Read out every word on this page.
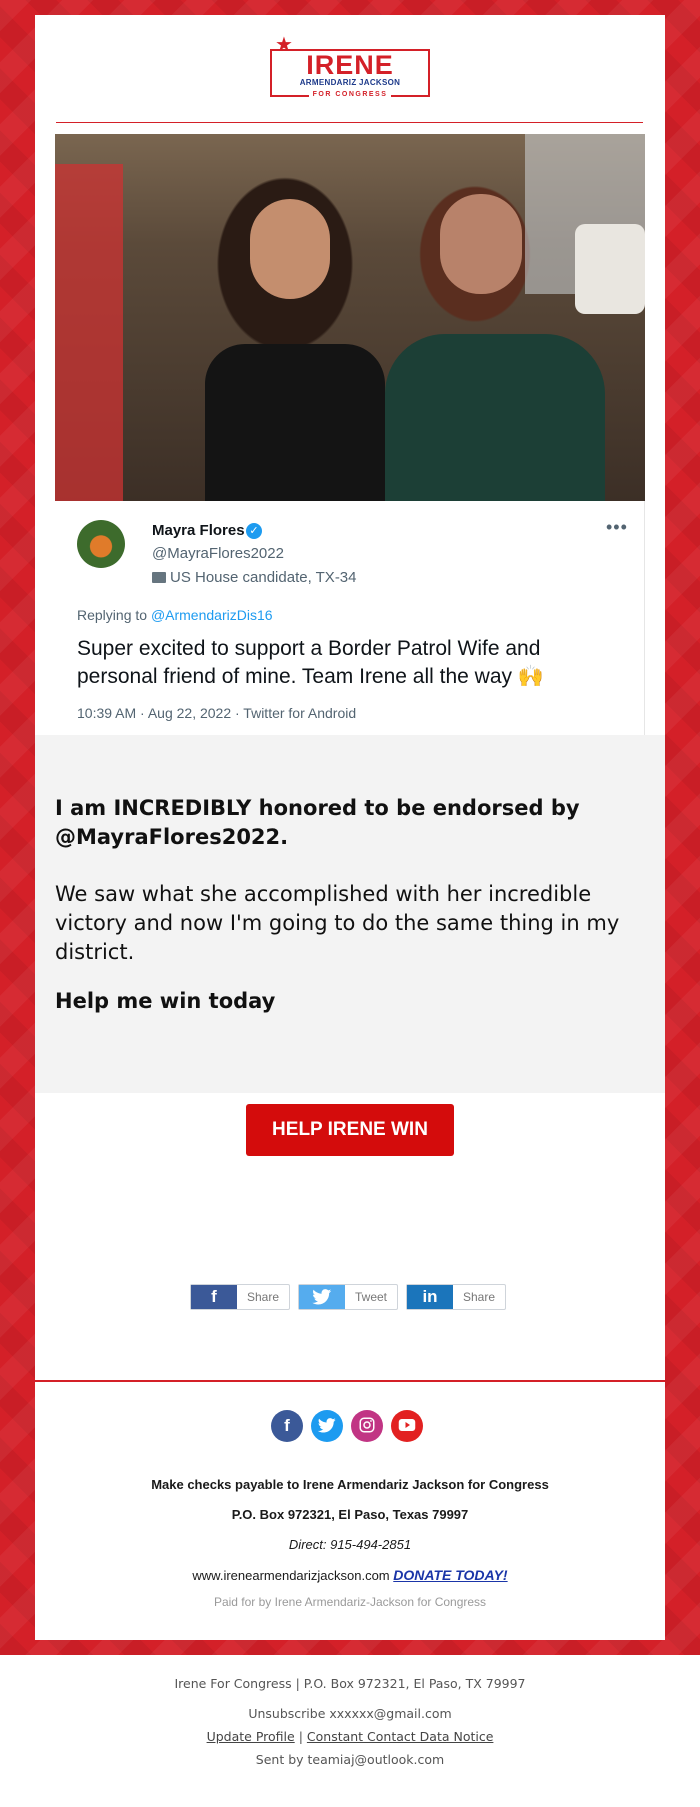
★
IRENE
ARMENDARIZ JACKSON
FOR CONGRESS
Mayra Flores ✓
@MayraFlores2022
US House candidate, TX-34
•••
Replying to @ArmendarizDis16
Super excited to support a Border Patrol Wife and personal friend of mine. Team Irene all the way 🙌
10:39 AM · Aug 22, 2022 · Twitter for Android
I am INCREDIBLY honored to be endorsed by @MayraFlores2022.
We saw what she accomplished with her incredible victory and now I'm going to do the same thing in my district.
Help me win today
HELP IRENE WIN
f	Share	Tweet	in	Share
f
Make checks payable to Irene Armendariz Jackson for Congress
P.O. Box 972321, El Paso, Texas 79997
Direct: 915-494-2851
www.irenearmendarizjackson.com DONATE TODAY!
Paid for by Irene Armendariz-Jackson for Congress
Irene For Congress | P.O. Box 972321, El Paso, TX 79997
Unsubscribe xxxxxx@gmail.com
Update Profile | Constant Contact Data Notice
Sent by teamiaj@outlook.com
